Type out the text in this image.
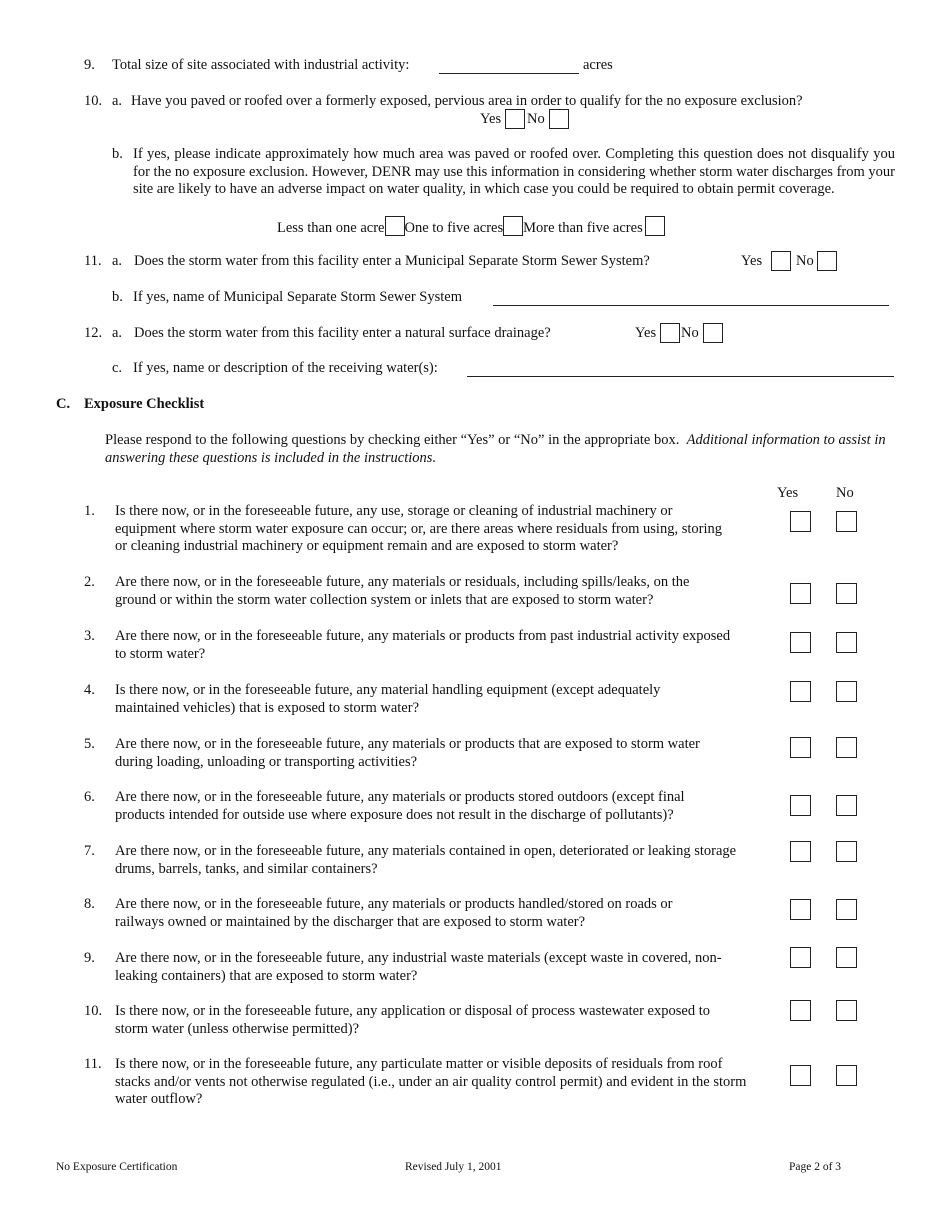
9. Total size of site associated with industrial activity:	acres
10. a. Have you paved or roofed over a formerly exposed, pervious area in order to qualify for the no exposure exclusion?
Yes No
b. If yes, please indicate approximately how much area was paved or roofed over. Completing this question does not disqualify you for the no exposure exclusion. However, DENR may use this information in considering whether storm water discharges from your site are likely to have an adverse impact on water quality, in which case you could be required to obtain permit coverage.
Less than one acre One to five acres More than five acres
11. a. Does the storm water from this facility enter a Municipal Separate Storm Sewer System?	Yes No
b. If yes, name of Municipal Separate Storm Sewer System
12. a. Does the storm water from this facility enter a natural surface drainage?	Yes No
c. If yes, name or description of the receiving water(s):
C. Exposure Checklist
Please respond to the following questions by checking either “Yes” or “No” in the appropriate box. Additional information to assist in answering these questions is included in the instructions.
Yes	No
1. Is there now, or in the foreseeable future, any use, storage or cleaning of industrial machinery or equipment where storm water exposure can occur; or, are there areas where residuals from using, storing or cleaning industrial machinery or equipment remain and are exposed to storm water?
2. Are there now, or in the foreseeable future, any materials or residuals, including spills/leaks, on the ground or within the storm water collection system or inlets that are exposed to storm water?
3. Are there now, or in the foreseeable future, any materials or products from past industrial activity exposed to storm water?
4. Is there now, or in the foreseeable future, any material handling equipment (except adequately maintained vehicles) that is exposed to storm water?
5. Are there now, or in the foreseeable future, any materials or products that are exposed to storm water during loading, unloading or transporting activities?
6. Are there now, or in the foreseeable future, any materials or products stored outdoors (except final products intended for outside use where exposure does not result in the discharge of pollutants)?
7. Are there now, or in the foreseeable future, any materials contained in open, deteriorated or leaking storage drums, barrels, tanks, and similar containers?
8. Are there now, or in the foreseeable future, any materials or products handled/stored on roads or railways owned or maintained by the discharger that are exposed to storm water?
9. Are there now, or in the foreseeable future, any industrial waste materials (except waste in covered, non-leaking containers) that are exposed to storm water?
10. Is there now, or in the foreseeable future, any application or disposal of process wastewater exposed to storm water (unless otherwise permitted)?
11. Is there now, or in the foreseeable future, any particulate matter or visible deposits of residuals from roof stacks and/or vents not otherwise regulated (i.e., under an air quality control permit) and evident in the storm water outflow?
No Exposure Certification	Revised July 1, 2001	Page 2 of 3
